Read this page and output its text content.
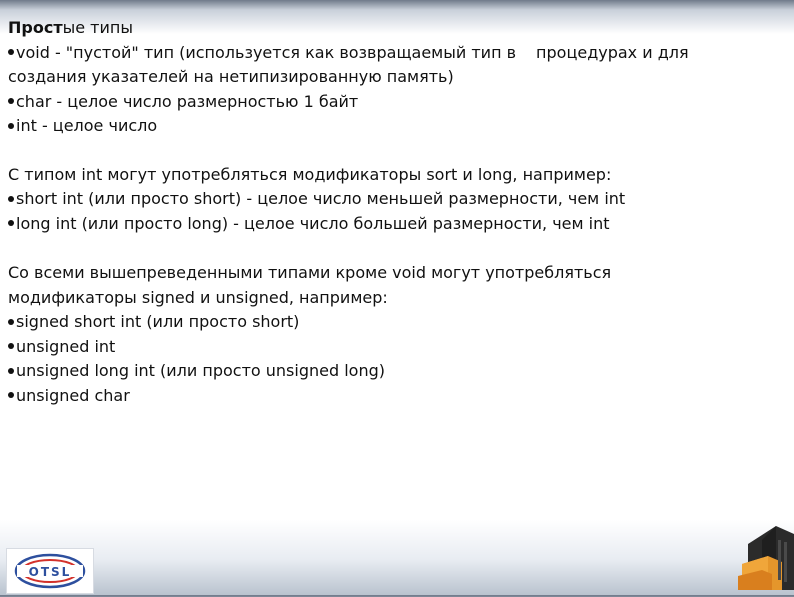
Простые типы
void - "пустой" тип (используется как возвращаемый тип в процедурах и для
создания указателей на нетипизированную память)
char - целое число размерностью 1 байт
int - целое число
С типом int могут употребляться модификаторы sort и long, например:
short int (или просто short) - целое число меньшей размерности, чем int
long int (или просто long) - целое число большей размерности, чем int
Со всеми вышепреведенными типами кроме void могут употребляться
модификаторы signed и unsigned, например:
signed short int (или просто short)
unsigned int
unsigned long int (или просто unsigned long)
unsigned char
OTSL
